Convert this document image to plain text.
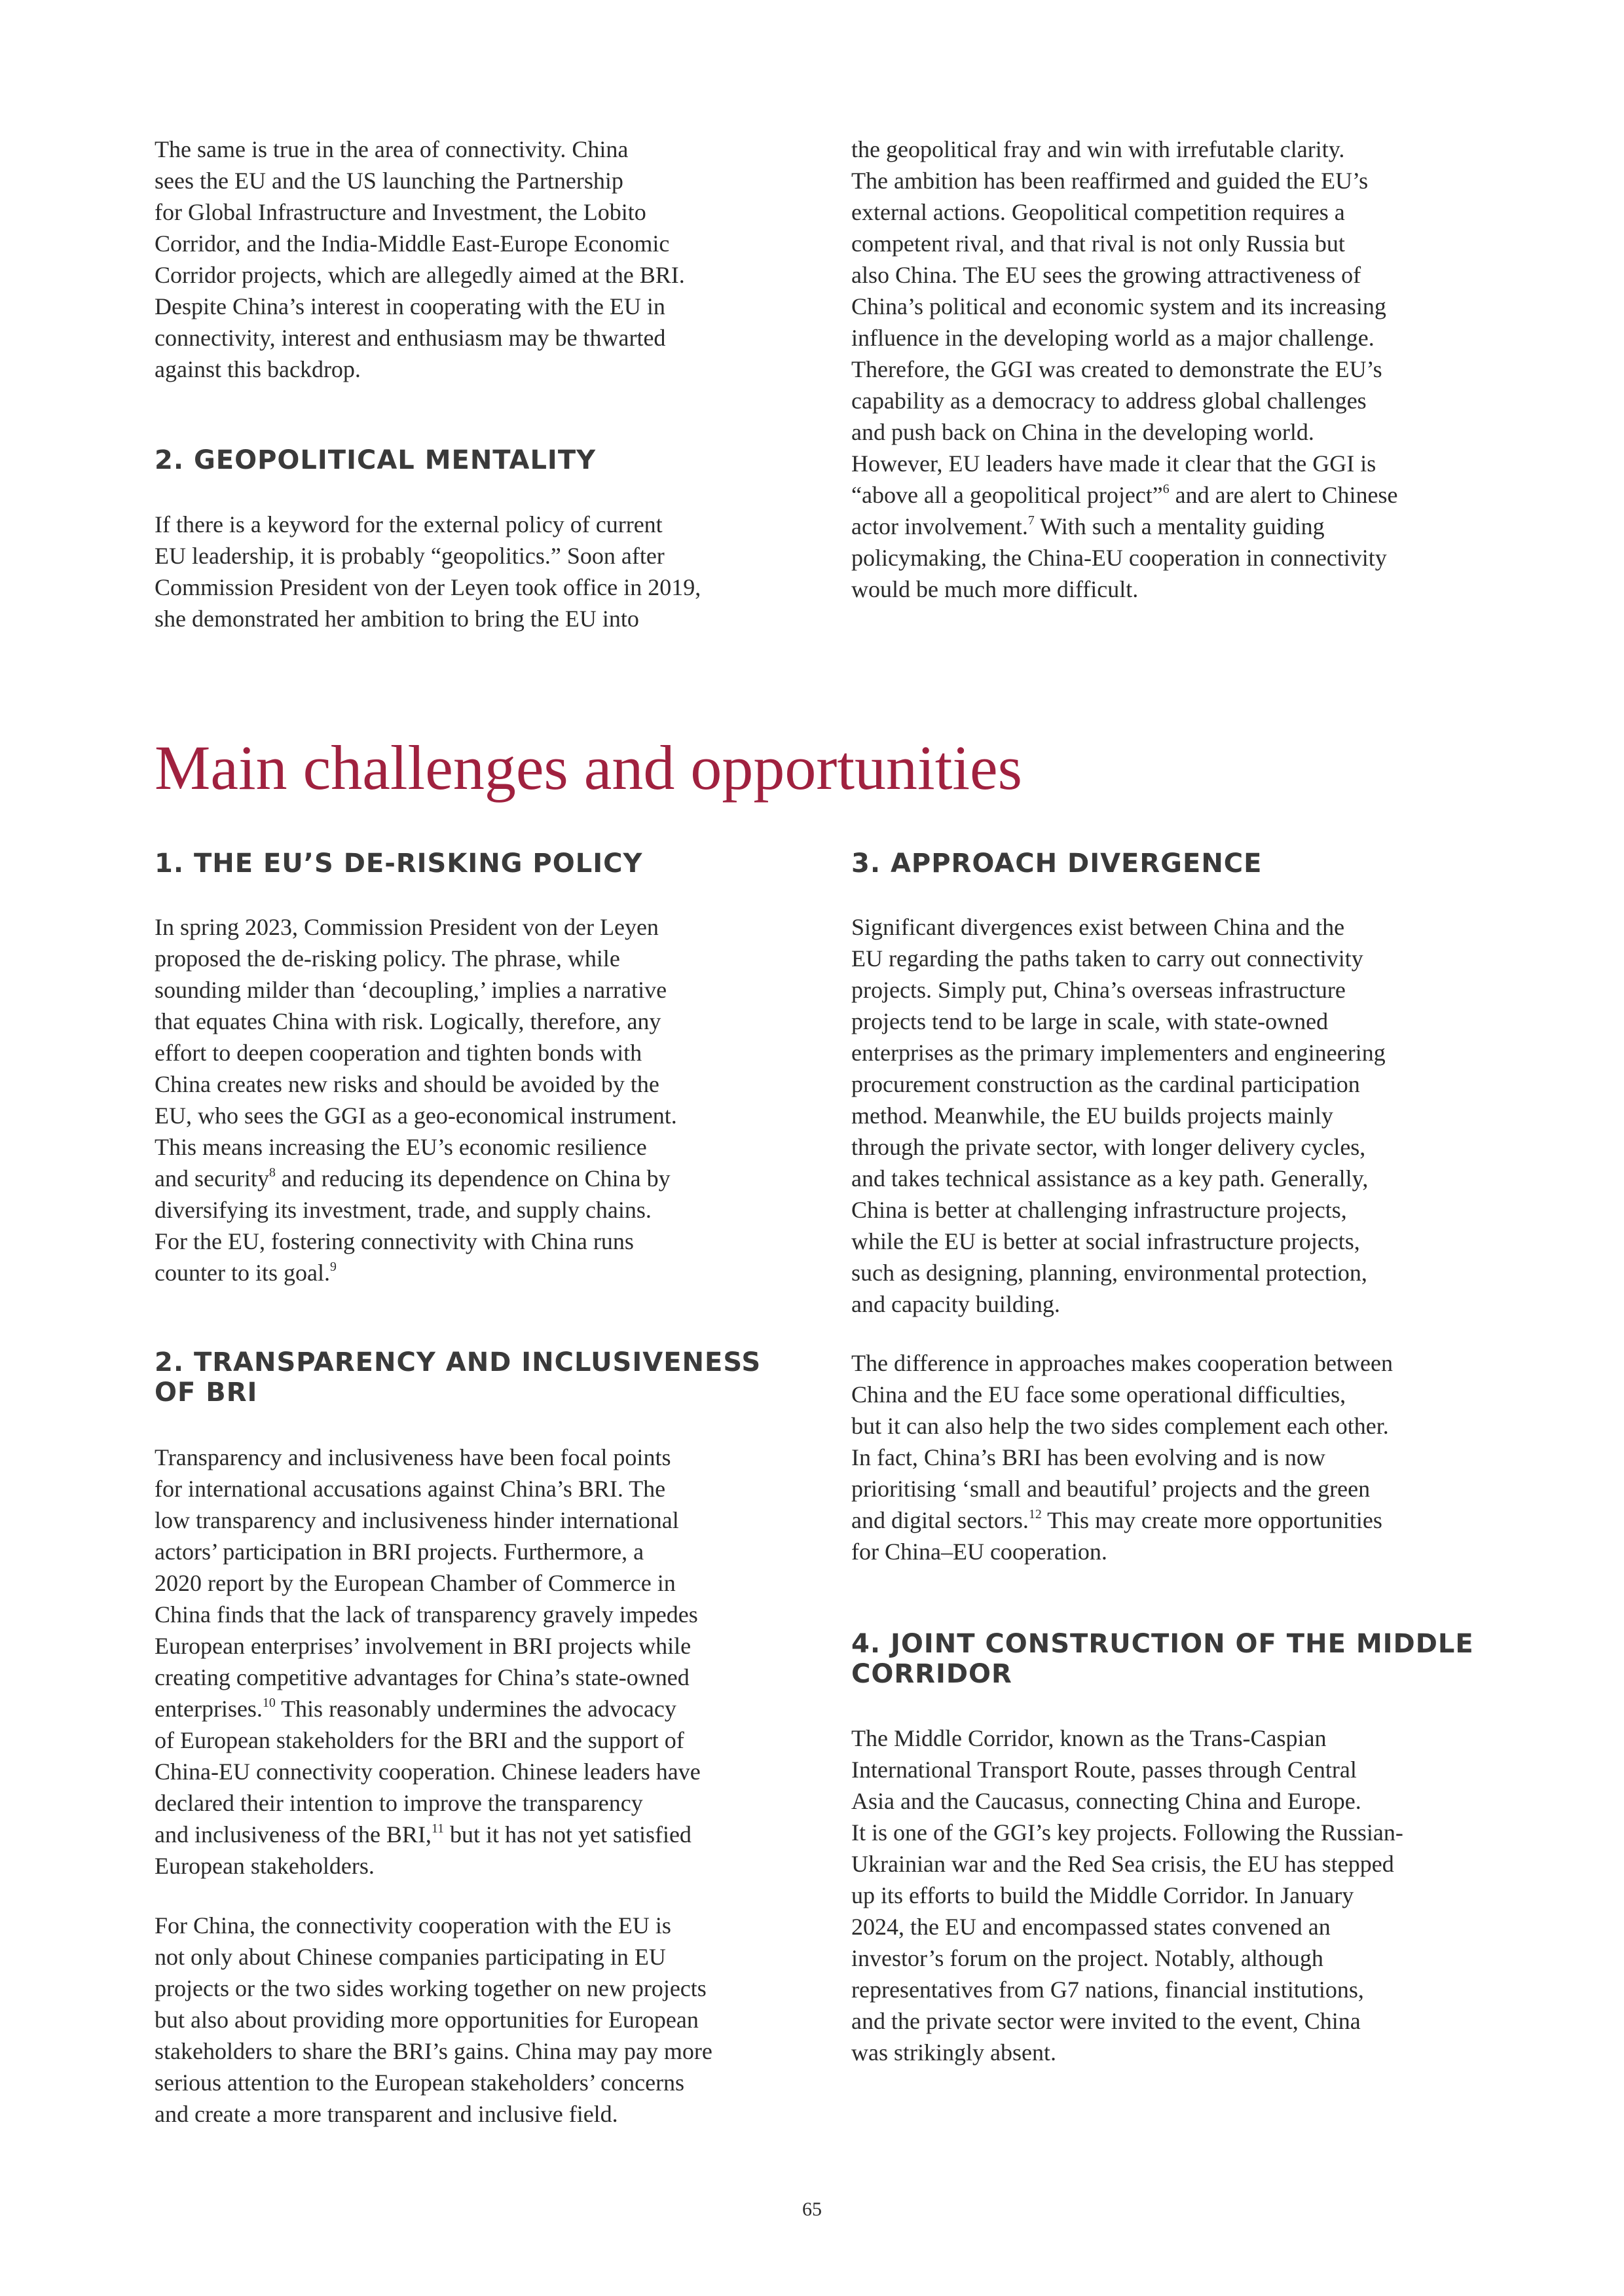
The same is true in the area of connectivity. China
sees the EU and the US launching the Partnership
for Global Infrastructure and Investment, the Lobito
Corridor, and the India-Middle East-Europe Economic
Corridor projects, which are allegedly aimed at the BRI.
Despite China’s interest in cooperating with the EU in
connectivity, interest and enthusiasm may be thwarted
against this backdrop.
2. GEOPOLITICAL MENTALITY
If there is a keyword for the external policy of current
EU leadership, it is probably “geopolitics.” Soon after
Commission President von der Leyen took office in 2019,
she demonstrated her ambition to bring the EU into
the geopolitical fray and win with irrefutable clarity.
The ambition has been reaffirmed and guided the EU’s
external actions. Geopolitical competition requires a
competent rival, and that rival is not only Russia but
also China. The EU sees the growing attractiveness of
China’s political and economic system and its increasing
influence in the developing world as a major challenge.
Therefore, the GGI was created to demonstrate the EU’s
capability as a democracy to address global challenges
and push back on China in the developing world.
However, EU leaders have made it clear that the GGI is
“above all a geopolitical project”$^6$ and are alert to Chinese
actor involvement.$^7$ With such a mentality guiding
policymaking, the China-EU cooperation in connectivity
would be much more difficult.
Main challenges and opportunities
1. THE EU’S DE-RISKING POLICY
In spring 2023, Commission President von der Leyen
proposed the de-risking policy. The phrase, while
sounding milder than ‘decoupling,’ implies a narrative
that equates China with risk. Logically, therefore, any
effort to deepen cooperation and tighten bonds with
China creates new risks and should be avoided by the
EU, who sees the GGI as a geo-economical instrument.
This means increasing the EU’s economic resilience
and security$^8$ and reducing its dependence on China by
diversifying its investment, trade, and supply chains.
For the EU, fostering connectivity with China runs
counter to its goal.$^9$
2. TRANSPARENCY AND INCLUSIVENESS
OF BRI
Transparency and inclusiveness have been focal points
for international accusations against China’s BRI. The
low transparency and inclusiveness hinder international
actors’ participation in BRI projects. Furthermore, a
2020 report by the European Chamber of Commerce in
China finds that the lack of transparency gravely impedes
European enterprises’ involvement in BRI projects while
creating competitive advantages for China’s state-owned
enterprises.$^{10}$ This reasonably undermines the advocacy
of European stakeholders for the BRI and the support of
China-EU connectivity cooperation. Chinese leaders have
declared their intention to improve the transparency
and inclusiveness of the BRI,$^{11}$ but it has not yet satisfied
European stakeholders.
For China, the connectivity cooperation with the EU is
not only about Chinese companies participating in EU
projects or the two sides working together on new projects
but also about providing more opportunities for European
stakeholders to share the BRI’s gains. China may pay more
serious attention to the European stakeholders’ concerns
and create a more transparent and inclusive field.
3. APPROACH DIVERGENCE
Significant divergences exist between China and the
EU regarding the paths taken to carry out connectivity
projects. Simply put, China’s overseas infrastructure
projects tend to be large in scale, with state-owned
enterprises as the primary implementers and engineering
procurement construction as the cardinal participation
method. Meanwhile, the EU builds projects mainly
through the private sector, with longer delivery cycles,
and takes technical assistance as a key path. Generally,
China is better at challenging infrastructure projects,
while the EU is better at social infrastructure projects,
such as designing, planning, environmental protection,
and capacity building.
The difference in approaches makes cooperation between
China and the EU face some operational difficulties,
but it can also help the two sides complement each other.
In fact, China’s BRI has been evolving and is now
prioritising ‘small and beautiful’ projects and the green
and digital sectors.$^{12}$ This may create more opportunities
for China–EU cooperation.
4. JOINT CONSTRUCTION OF THE MIDDLE
CORRIDOR
The Middle Corridor, known as the Trans-Caspian
International Transport Route, passes through Central
Asia and the Caucasus, connecting China and Europe.
It is one of the GGI’s key projects. Following the Russian-
Ukrainian war and the Red Sea crisis, the EU has stepped
up its efforts to build the Middle Corridor. In January
2024, the EU and encompassed states convened an
investor’s forum on the project. Notably, although
representatives from G7 nations, financial institutions,
and the private sector were invited to the event, China
was strikingly absent.
65
